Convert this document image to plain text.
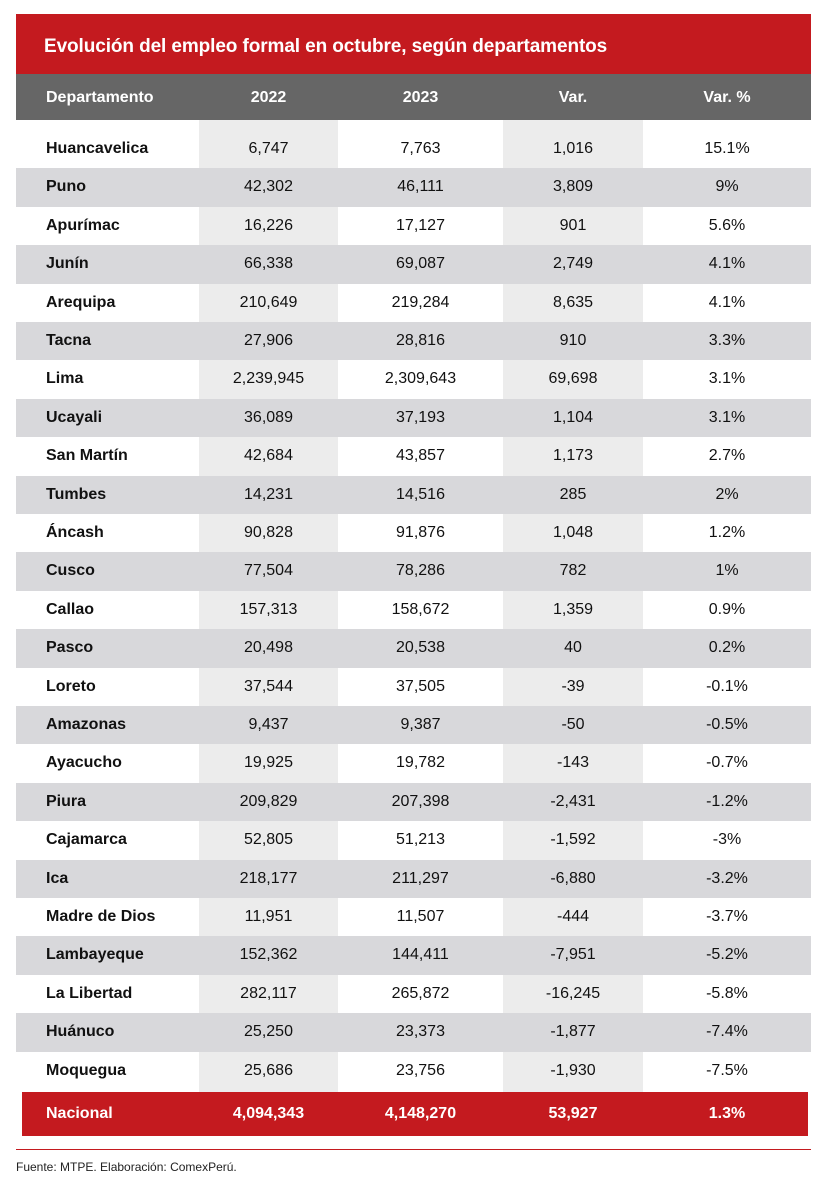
Evolución del empleo formal en octubre, según departamentos
Departamento	2022	2023	Var.	Var. %
Huancavelica	6,747	7,763	1,016	15.1%
Puno	42,302	46,111	3,809	9%
Apurímac	16,226	17,127	901	5.6%
Junín	66,338	69,087	2,749	4.1%
Arequipa	210,649	219,284	8,635	4.1%
Tacna	27,906	28,816	910	3.3%
Lima	2,239,945	2,309,643	69,698	3.1%
Ucayali	36,089	37,193	1,104	3.1%
San Martín	42,684	43,857	1,173	2.7%
Tumbes	14,231	14,516	285	2%
Áncash	90,828	91,876	1,048	1.2%
Cusco	77,504	78,286	782	1%
Callao	157,313	158,672	1,359	0.9%
Pasco	20,498	20,538	40	0.2%
Loreto	37,544	37,505	-39	-0.1%
Amazonas	9,437	9,387	-50	-0.5%
Ayacucho	19,925	19,782	-143	-0.7%
Piura	209,829	207,398	-2,431	-1.2%
Cajamarca	52,805	51,213	-1,592	-3%
Ica	218,177	211,297	-6,880	-3.2%
Madre de Dios	11,951	11,507	-444	-3.7%
Lambayeque	152,362	144,411	-7,951	-5.2%
La Libertad	282,117	265,872	-16,245	-5.8%
Huánuco	25,250	23,373	-1,877	-7.4%
Moquegua	25,686	23,756	-1,930	-7.5%
Nacional	4,094,343	4,148,270	53,927	1.3%
Fuente: MTPE. Elaboración: ComexPerú.
